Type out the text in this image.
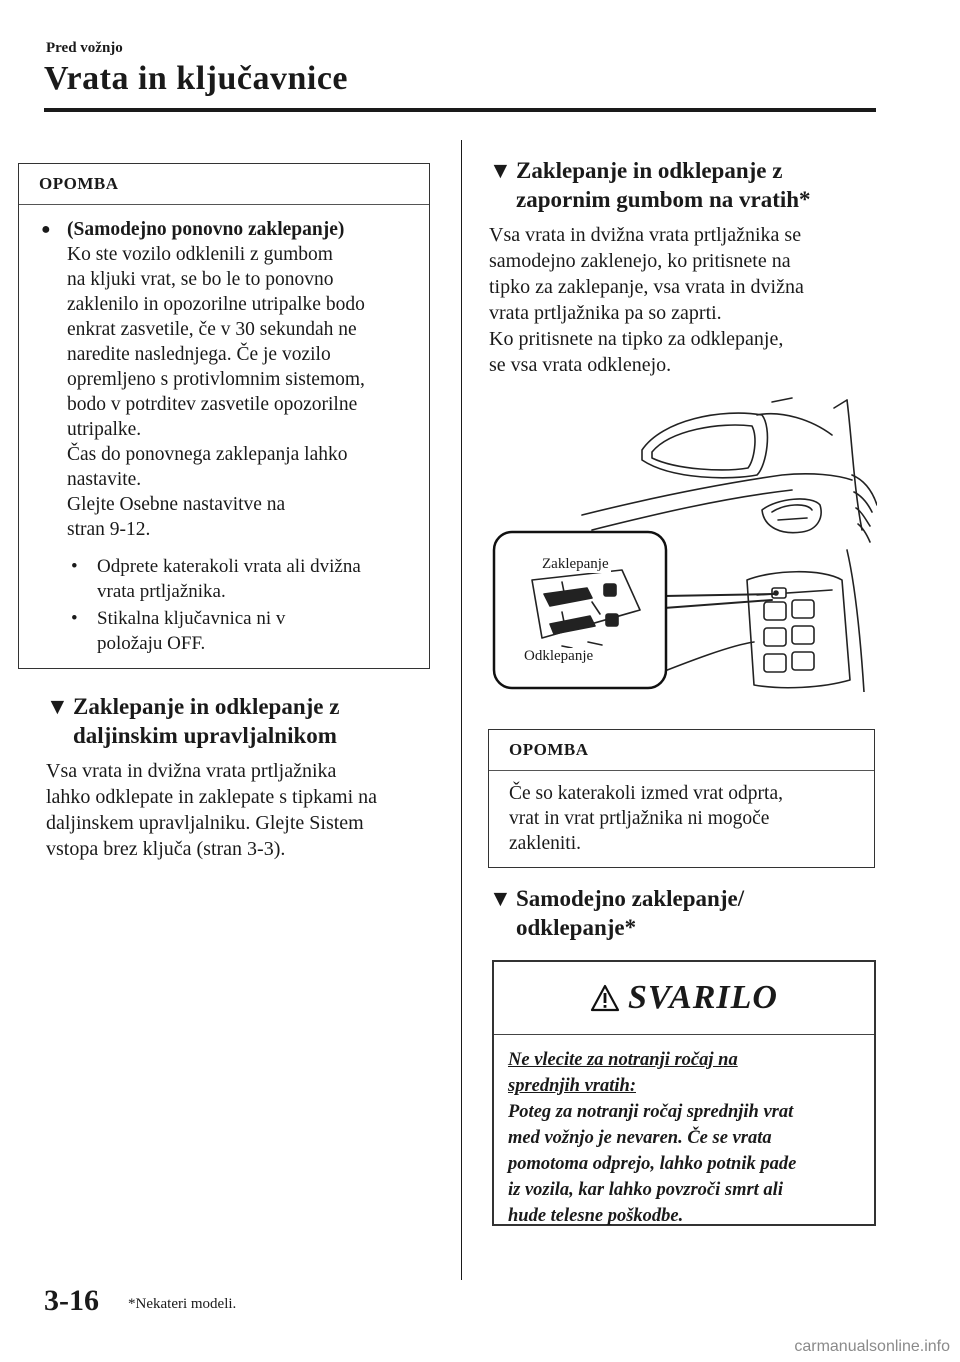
Pred vožnjo
Vrata in ključavnice
OPOMBA
● (Samodejno ponovno zaklepanje)

Ko ste vozilo odklenili z gumbom

na kljuki vrat, se bo le to ponovno

zaklenilo in opozorilne utripalke bodo

enkrat zasvetile, če v 30 sekundah ne

naredite naslednjega. Če je vozilo

opremljeno s protivlomnim sistemom,

bodo v potrditev zasvetile opozorilne

utripalke.

Čas do ponovnega zaklepanja lahko

nastavite.

Glejte Osebne nastavitve na

stran 9-12.

•	Odprete katerakoli vrata ali dvižna

vrata prtljažnika.

•	Stikalna ključavnica ni v

položaju OFF.

▼ Zaklepanje in odklepanje z
daljinskim upravljalnikom
Vsa vrata in dvižna vrata prtljažnika
lahko odklepate in zaklepate s tipkami na
daljinskem upravljalniku. Glejte Sistem
vstopa brez ključa (stran 3-3).
▼ Zaklepanje in odklepanje z
zapornim gumbom na vratih*
Vsa vrata in dvižna vrata prtljažnika se
samodejno zaklenejo, ko pritisnete na
tipko za zaklepanje, vsa vrata in dvižna
vrata prtljažnika pa so zaprti.
Ko pritisnete na tipko za odklepanje,
se vsa vrata odklenejo.
Zaklepanje
Odklepanje
OPOMBA

Če so katerakoli izmed vrat odprta,

vrat in vrat prtljažnika ni mogoče

zakleniti.

▼ Samodejno zaklepanje/
odklepanje*
SVARILO
Ne vlecite za notranji ročaj na
sprednjih vratih:
Poteg za notranji ročaj sprednjih vrat
med vožnjo je nevaren. Če se vrata
pomotoma odprejo, lahko potnik pade
iz vozila, kar lahko povzroči smrt ali
hude telesne poškodbe.
3-16 *Nekateri modeli.
carmanualsonline.info
